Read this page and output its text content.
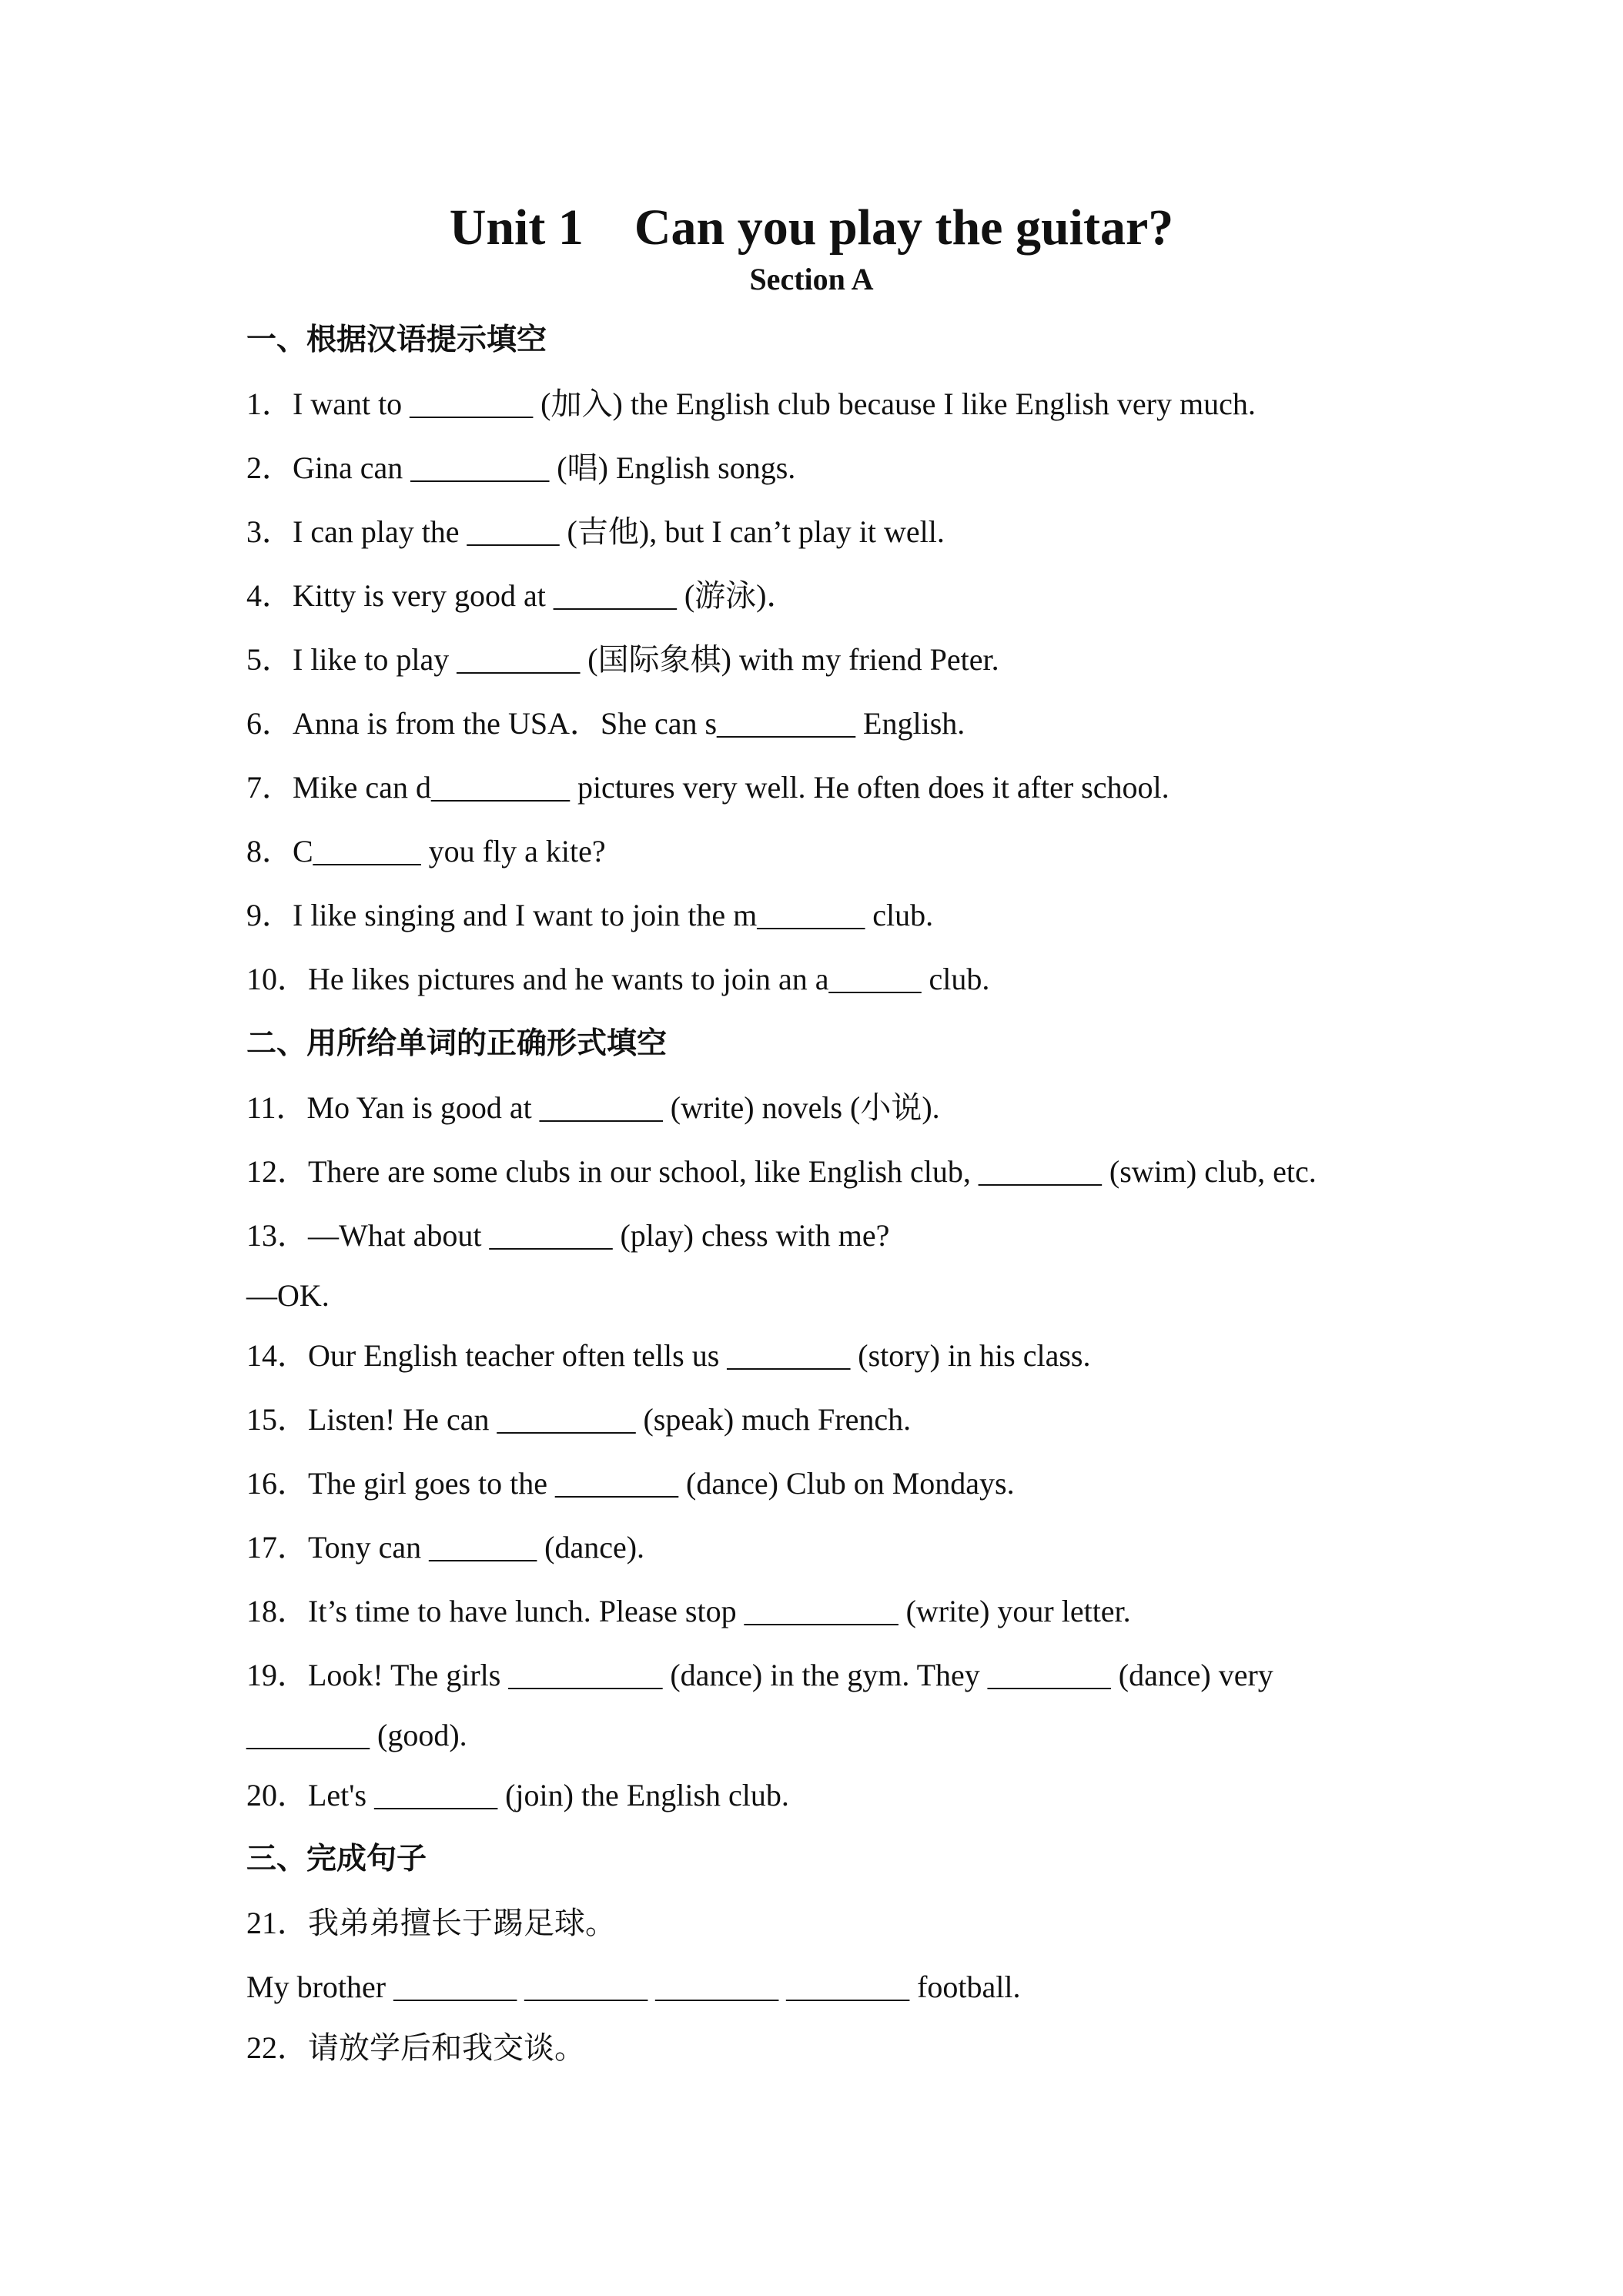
Unit 1    Can you play the guitar?
Section A
一、根据汉语提示填空
1．I want to ________ (加入) the English club because I like English very much.
2．Gina can _________ (唱) English songs.
3．I can play the ______ (吉他), but I can’t play it well.
4．Kitty is very good at ________ (游泳)．
5．I like to play ________ (国际象棋) with my friend Peter.
6．Anna is from the USA．She can s_________ English.
7．Mike can d_________ pictures very well. He often does it after school.
8．C_______ you fly a kite?
9．I like singing and I want to join the m_______ club.
10．He likes pictures and he wants to join an a______ club.
二、用所给单词的正确形式填空
11．Mo Yan is good at ________ (write) novels (小说).
12．There are some clubs in our school, like English club, ________ (swim) club, etc.
13．—What about ________ (play) chess with me?
—OK.
14．Our English teacher often tells us ________ (story) in his class.
15．Listen! He can _________ (speak) much French.
16．The girl goes to the ________ (dance) Club on Mondays.
17．Tony can _______ (dance).
18．It’s time to have lunch. Please stop __________ (write) your letter.
19．Look! The girls __________ (dance) in the gym. They ________ (dance) very
________ (good).
20．Let's ________ (join) the English club.
三、完成句子
21．我弟弟擅长于踢足球。
My brother ________ ________ ________ ________ football.
22．请放学后和我交谈。
